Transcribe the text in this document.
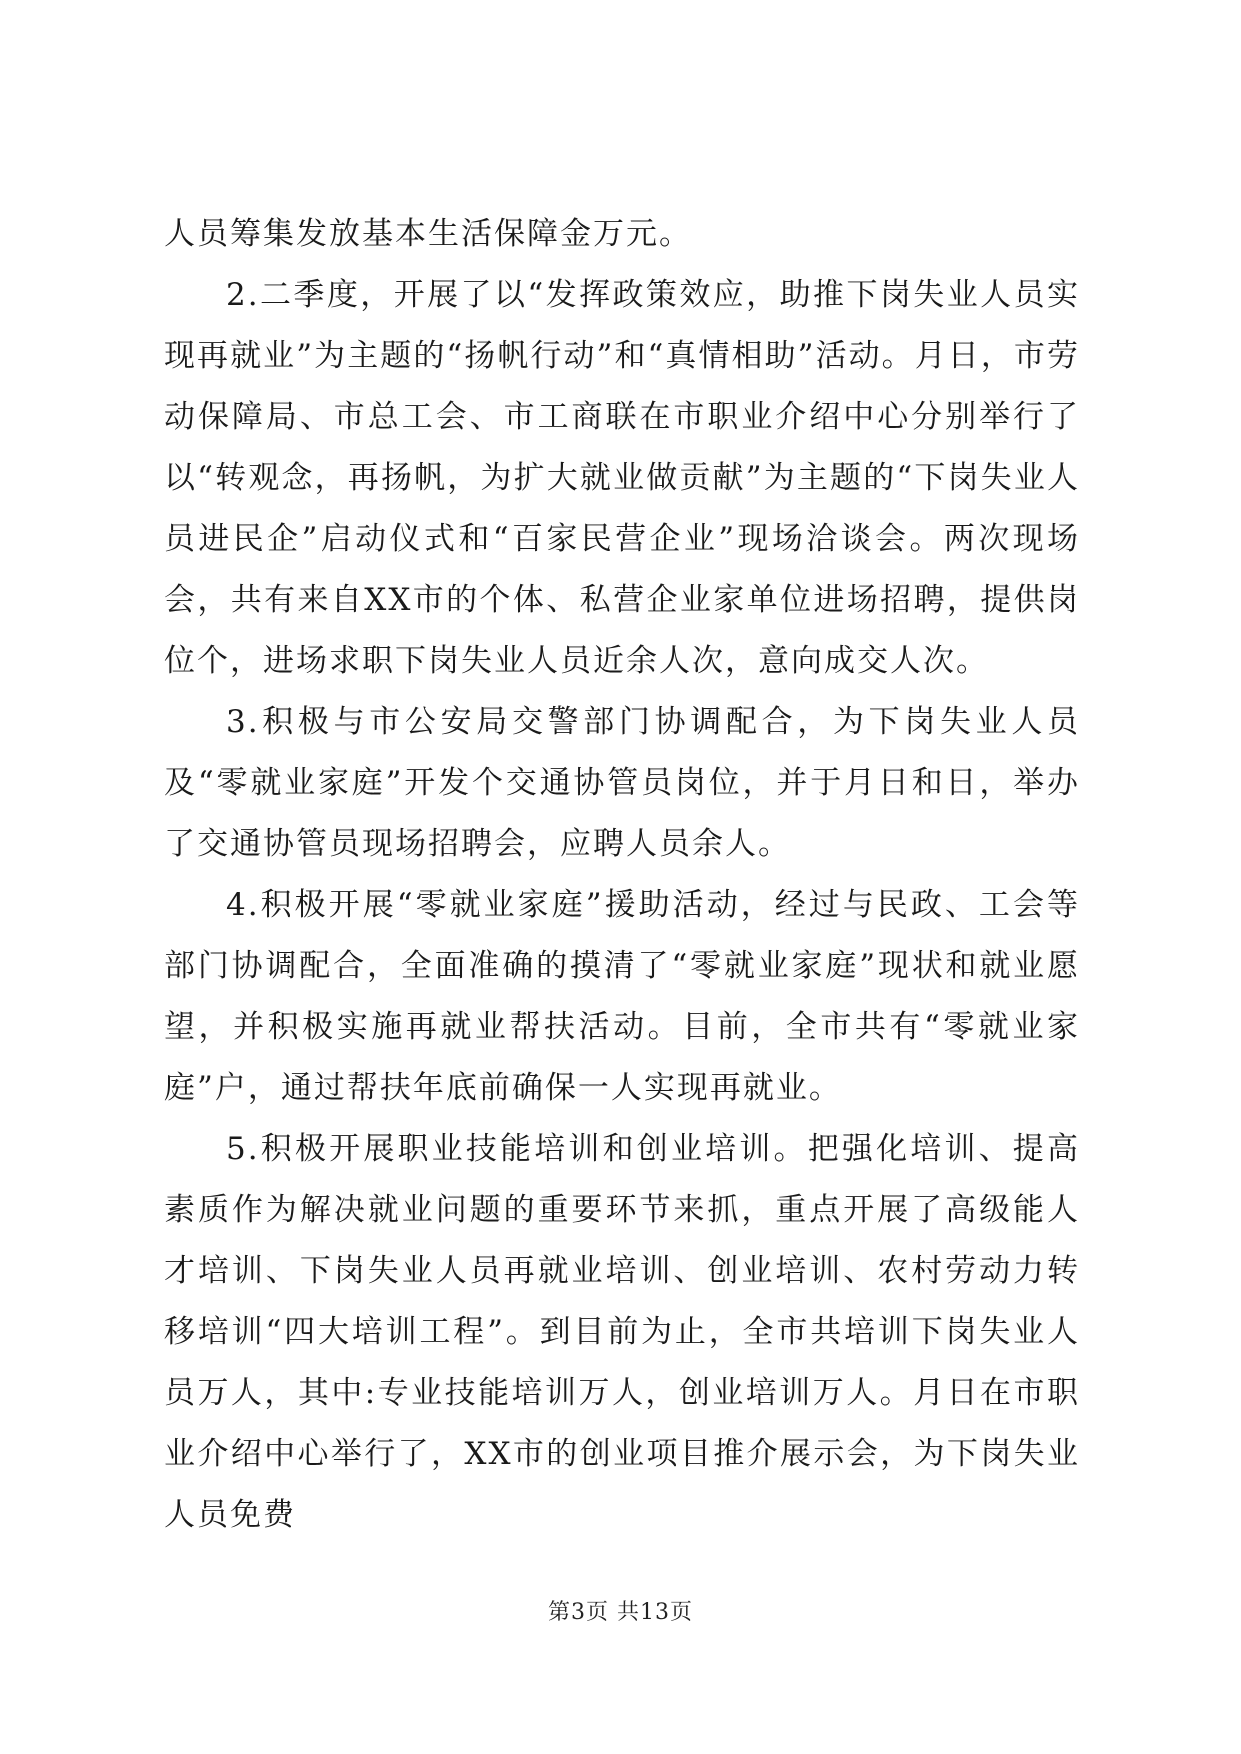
人员筹集发放基本生活保障金万元。

2.二季度，开展了以“发挥政策效应，助推下岗失业人员实现再就业”为主题的“扬帆行动”和“真情相助”活动。月日，市劳动保障局、市总工会、市工商联在市职业介绍中心分别举行了以“转观念，再扬帆，为扩大就业做贡献”为主题的“下岗失业人员进民企”启动仪式和“百家民营企业”现场洽谈会。两次现场会，共有来自XX市的个体、私营企业家单位进场招聘，提供岗位个，进场求职下岗失业人员近余人次，意向成交人次。

3.积极与市公安局交警部门协调配合，为下岗失业人员及“零就业家庭”开发个交通协管员岗位，并于月日和日，举办了交通协管员现场招聘会，应聘人员余人。

4.积极开展“零就业家庭”援助活动，经过与民政、工会等部门协调配合，全面准确的摸清了“零就业家庭”现状和就业愿望，并积极实施再就业帮扶活动。目前，全市共有“零就业家庭”户，通过帮扶年底前确保一人实现再就业。

5.积极开展职业技能培训和创业培训。把强化培训、提高素质作为解决就业问题的重要环节来抓，重点开展了高级能人才培训、下岗失业人员再就业培训、创业培训、农村劳动力转移培训“四大培训工程”。到目前为止，全市共培训下岗失业人员万人，其中:专业技能培训万人，创业培训万人。月日在市职业介绍中心举行了，XX市的创业项目推介展示会，为下岗失业人员免费

第3页 共13页
